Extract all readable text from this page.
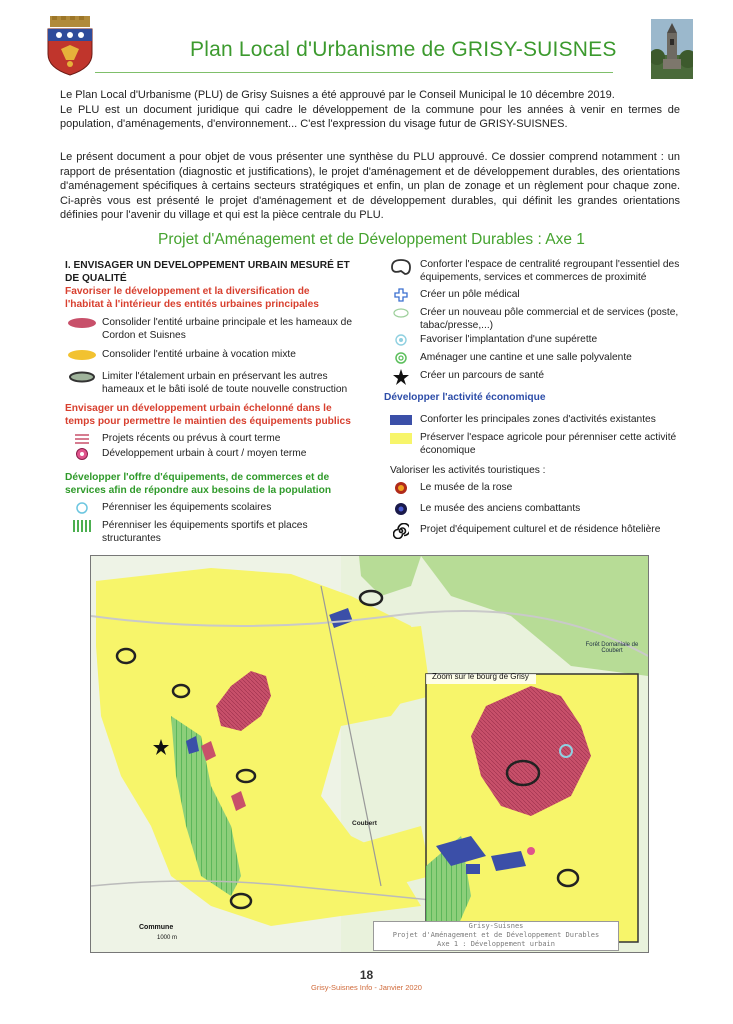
Plan Local d'Urbanisme de GRISY-SUISNES

Le Plan Local d'Urbanisme (PLU) de Grisy Suisnes a été approuvé par le Conseil Municipal le 10 décembre 2019.

Le PLU est un document juridique qui cadre le développement de la commune pour les années à venir en termes de population, d'aménagements, d'environnement... C'est l'expression du visage futur de GRISY-SUISNES.

Le présent document a pour objet de vous présenter une synthèse du PLU approuvé. Ce dossier comprend notamment : un rapport de présentation (diagnostic et justifications), le projet d'aménagement et de développement durables, des orientations d'aménagement spécifiques à certains secteurs stratégiques et enfin, un plan de zonage et un règlement pour chaque zone. Ci-après vous est présenté le projet d'aménagement et de développement durables, qui définit les grandes orientations définies pour l'avenir du village et qui est la pièce centrale du PLU.
Projet d'Aménagement et de Développement Durables : Axe 1
I. ENVISAGER UN DEVELOPPEMENT URBAIN MESURÉ ET DE QUALITÉ
Favoriser le développement et la diversification de l'habitat à l'intérieur des entités urbaines principales
Consolider l'entité urbaine principale et les hameaux de Cordon et Suisnes
Consolider l'entité urbaine à vocation mixte
Limiter l'étalement urbain en préservant les autres hameaux et le bâti isolé de toute nouvelle construction
Envisager un développement urbain échelonné dans le temps pour permettre le maintien des équipements publics
Projets récents ou prévus à court terme
Développement urbain à court / moyen terme
Développer l'offre d'équipements, de commerces et de services afin de répondre aux besoins de la population
Pérenniser les équipements scolaires
Pérenniser les équipements sportifs et places structurantes
Conforter l'espace de centralité regroupant l'essentiel des équipements, services et commerces de proximité
Créer un pôle médical
Créer un nouveau pôle commercial et de services (poste, tabac/presse,...)
Favoriser l'implantation d'une supérette
Aménager une cantine et une salle polyvalente
Créer un parcours de santé
Développer l'activité économique
Conforter les principales zones d'activités existantes
Préserver l'espace agricole pour pérenniser cette activité économique
Valoriser les activités touristiques :
Le musée de la rose
Le musée des anciens combattants
Projet d'équipement culturel et de résidence hôtelière
Zoom sur le bourg de Grisy
Coubert
Forêt Domaniale de Coubert
Commune
1000 m
Grisy-Suisnes
Projet d'Aménagement et de Développement Durables
Axe 1 : Développement urbain
18
Grisy-Suisnes Info - Janvier 2020
